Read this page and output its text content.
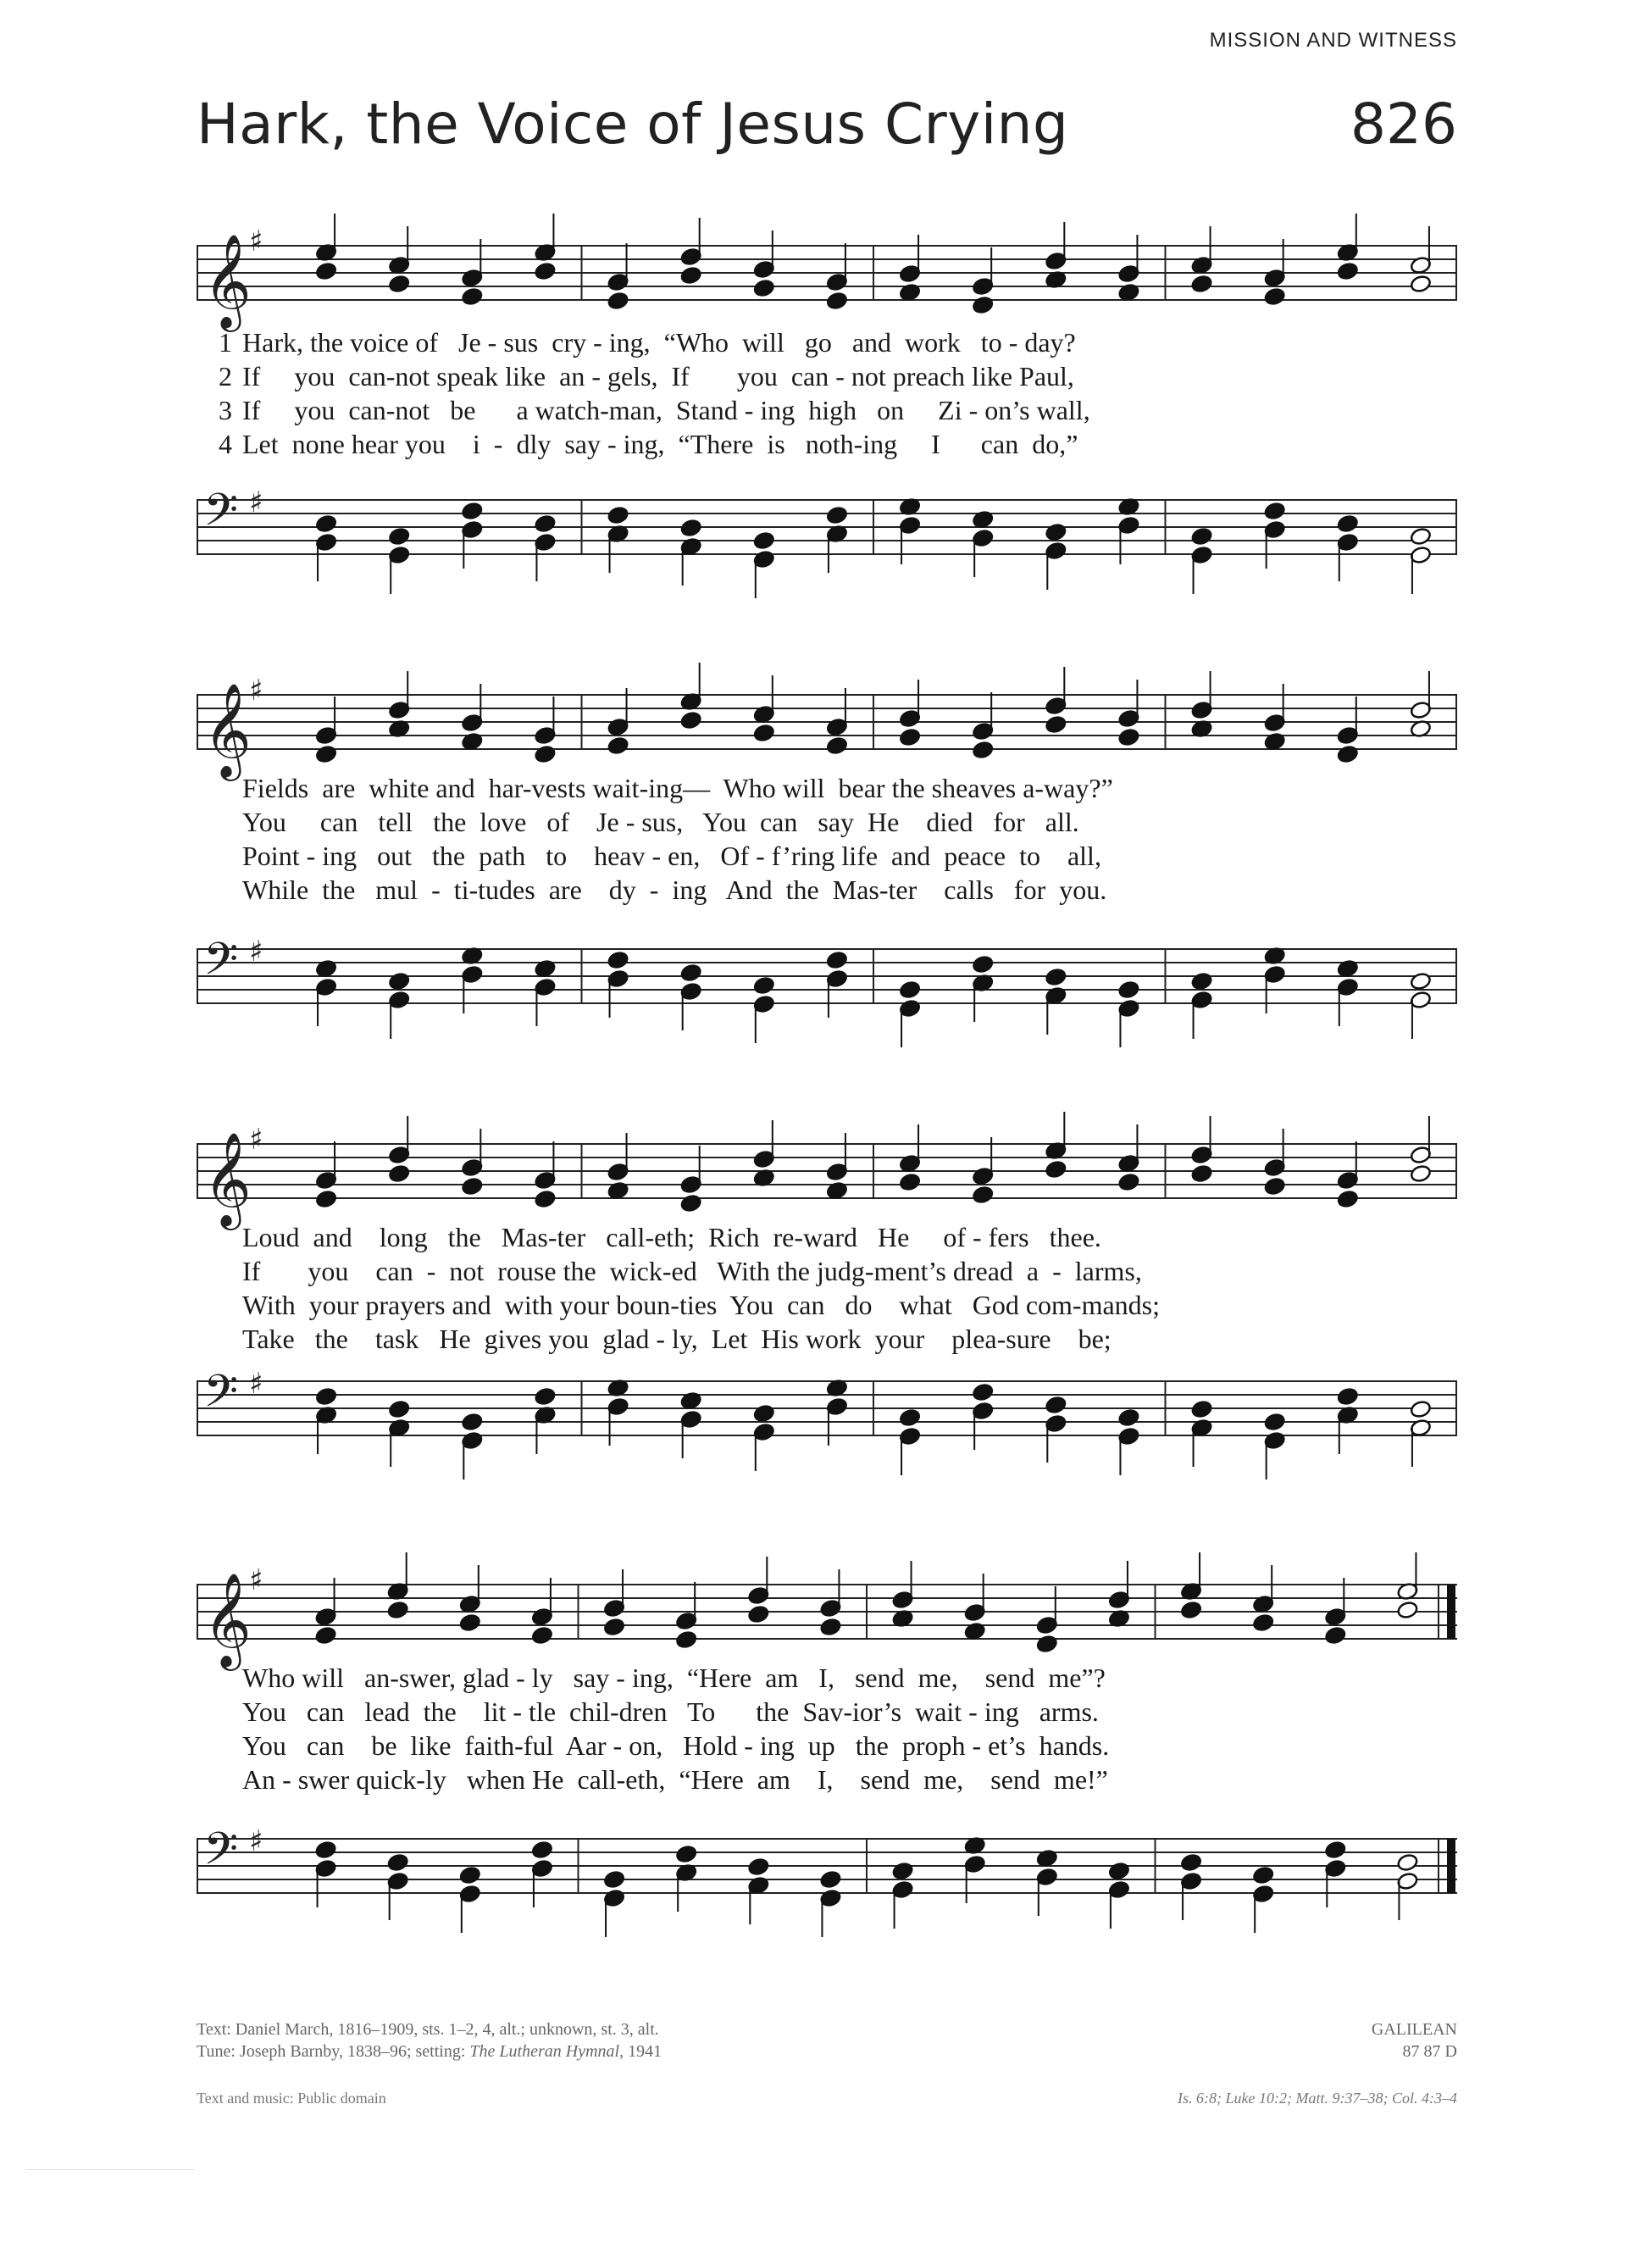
MISSION AND WITNESS
Hark, the Voice of Jesus Crying	826
𝄞
♯
1 Hark, the voice of   Je - sus  cry - ing,  “Who  will   go   and  work   to - day?
2 If     you  can-not speak like  an - gels,  If       you  can - not preach like Paul,
3 If     you  can-not   be      a watch-man,  Stand - ing  high   on     Zi - on’s wall,
4 Let  none hear you    i  -  dly  say - ing,  “There  is   noth-ing     I      can  do,”
𝄢 ♯
𝄞
♯
Fields  are  white and  har-vests wait-ing—  Who will  bear the sheaves a-way?”
You     can   tell   the  love   of    Je - sus,   You  can   say  He    died   for   all.
Point - ing   out   the  path   to    heav - en,   Of - f’ring life  and  peace  to    all,
While  the   mul  -  ti-tudes  are    dy  -  ing   And  the  Mas-ter    calls   for  you.
𝄢 ♯
𝄞
♯
Loud  and    long   the   Mas-ter   call-eth;  Rich  re-ward   He     of - fers   thee.
If       you    can  -  not  rouse the  wick-ed   With the judg-ment’s dread  a  -  larms,
With  your prayers and  with your boun-ties  You  can   do    what   God com-mands;
Take   the    task   He  gives you  glad - ly,  Let  His work  your    plea-sure    be;
𝄢 ♯
𝄞
♯
Who will   an-swer, glad - ly   say - ing,  “Here  am   I,   send  me,    send  me”?
You   can   lead  the    lit - tle  chil-dren   To      the  Sav-ior’s  wait - ing   arms.
You   can    be  like  faith-ful  Aar - on,   Hold - ing  up   the  proph - et’s  hands.
An - swer quick-ly   when He  call-eth,  “Here  am    I,    send  me,    send  me!”
𝄢 ♯
Text: Daniel March, 1816–1909, sts. 1–2, 4, alt.; unknown, st. 3, alt.
Tune: Joseph Barnby, 1838–96; setting: The Lutheran Hymnal, 1941
GALILEAN
87 87 D
Text and music: Public domain	Is. 6:8; Luke 10:2; Matt. 9:37–38; Col. 4:3–4
